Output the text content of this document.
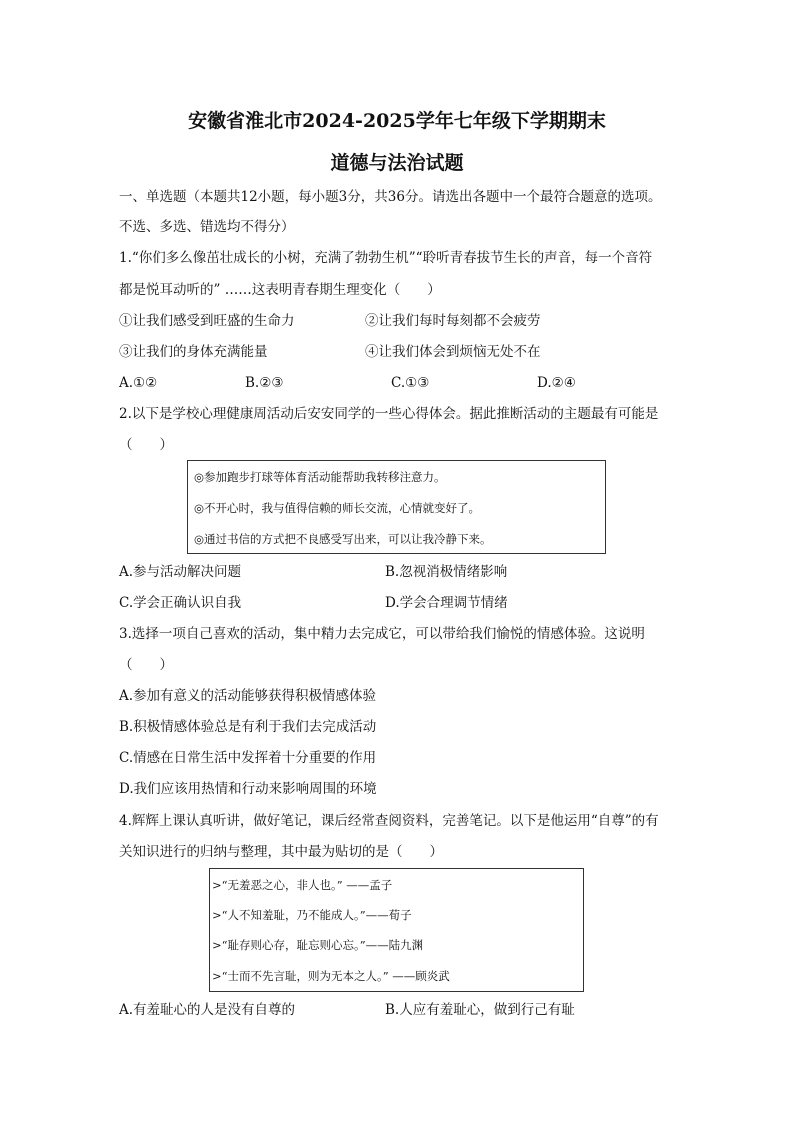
安徽省淮北市2024-2025学年七年级下学期期末
道德与法治试题
一、单选题（本题共12小题，每小题3分，共36分。请选出各题中一个最符合题意的选项。
不选、多选、错选均不得分）
1.“你们多么像茁壮成长的小树，充满了勃勃生机”“聆听青春拔节生长的声音，每一个音符
都是悦耳动听的” ……这表明青春期生理变化（　　）
①让我们感受到旺盛的生命力	②让我们每时每刻都不会疲劳
③让我们的身体充满能量	④让我们体会到烦恼无处不在
A.①②	B.②③	C.①③	D.②④
2.以下是学校心理健康周活动后安安同学的一些心得体会。据此推断活动的主题最有可能是
（　　）
◎参加跑步打球等体育活动能帮助我转移注意力。
◎不开心时，我与值得信赖的师长交流，心情就变好了。
◎通过书信的方式把不良感受写出来，可以让我冷静下来。
A.参与活动解决问题	B.忽视消极情绪影响
C.学会正确认识自我	D.学会合理调节情绪
3.选择一项自己喜欢的活动，集中精力去完成它，可以带给我们愉悦的情感体验。这说明
（　　）
A.参加有意义的活动能够获得积极情感体验
B.积极情感体验总是有利于我们去完成活动
C.情感在日常生活中发挥着十分重要的作用
D.我们应该用热情和行动来影响周围的环境
4.辉辉上课认真听讲，做好笔记，课后经常查阅资料，完善笔记。以下是他运用“自尊”的有
关知识进行的归纳与整理，其中最为贴切的是（　　）
>“无羞恶之心，非人也。” ——孟子
>“人不知羞耻，乃不能成人。”——荀子
>“耻存则心存，耻忘则心忘。”——陆九渊
>“士而不先言耻，则为无本之人。” ——顾炎武
A.有羞耻心的人是没有自尊的	B.人应有羞耻心，做到行己有耻
